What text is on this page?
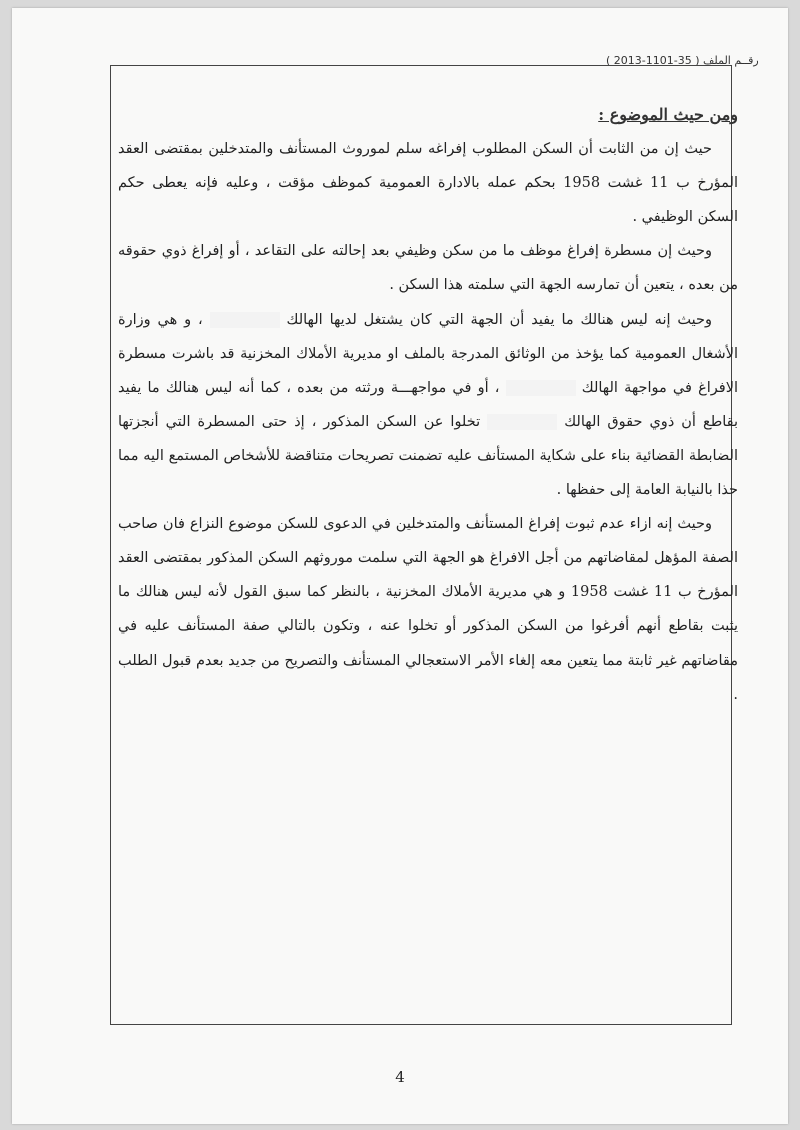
رقــم الملف ( 35-1101-2013 )

ومن حيث الموضوع :

حيث إن من الثابت أن السكن المطلوب إفراغه سلم لموروث المستأنف والمتدخلين بمقتضى العقد المؤرخ ب 11 غشت 1958 بحكم عمله بالادارة العمومية كموظف مؤقت ، وعليه فإنه يعطى حكم السكن الوظيفي .

وحيث إن مسطرة إفراغ موظف ما من سكن وظيفي بعد إحالته على التقاعد ، أو إفراغ ذوي حقوقه من بعده ، يتعين أن تمارسه الجهة التي سلمته هذا السكن .

وحيث إنه ليس هنالك ما يفيد أن الجهة التي كان يشتغل لديها الهالك  ، و هي وزارة الأشغال العمومية كما يؤخذ من الوثائق المدرجة بالملف او مديرية الأملاك المخزنية قد باشرت مسطرة الافراغ في مواجهة الهالك  ، أو في مواجهـــة ورثته من بعده ، كما أنه ليس هنالك ما يفيد بقاطع أن ذوي حقوق الهالك  تخلوا عن السكن المذكور ، إذ حتى المسطرة التي أنجزتها الضابطة القضائية بناء على شكاية المستأنف عليه تضمنت تصريحات متناقضة للأشخاص المستمع اليه مما حذا بالنيابة العامة إلى حفظها .

وحيث إنه ازاء عدم ثبوت إفراغ المستأنف والمتدخلين في الدعوى للسكن موضوع النزاع فان صاحب الصفة المؤهل لمقاضاتهم من أجل الافراغ هو الجهة التي سلمت موروثهم السكن المذكور بمقتضى العقد المؤرخ ب 11 غشت 1958 و هي مديرية الأملاك المخزنية ، بالنظر كما سبق القول لأنه ليس هنالك ما يثبت بقاطع أنهم أفرغوا من السكن المذكور أو تخلوا عنه ، وتكون بالتالي صفة المستأنف عليه في مقاضاتهم غير ثابتة مما يتعين معه إلغاء الأمر الاستعجالي المستأنف والتصريح من جديد بعدم قبول الطلب .

4
